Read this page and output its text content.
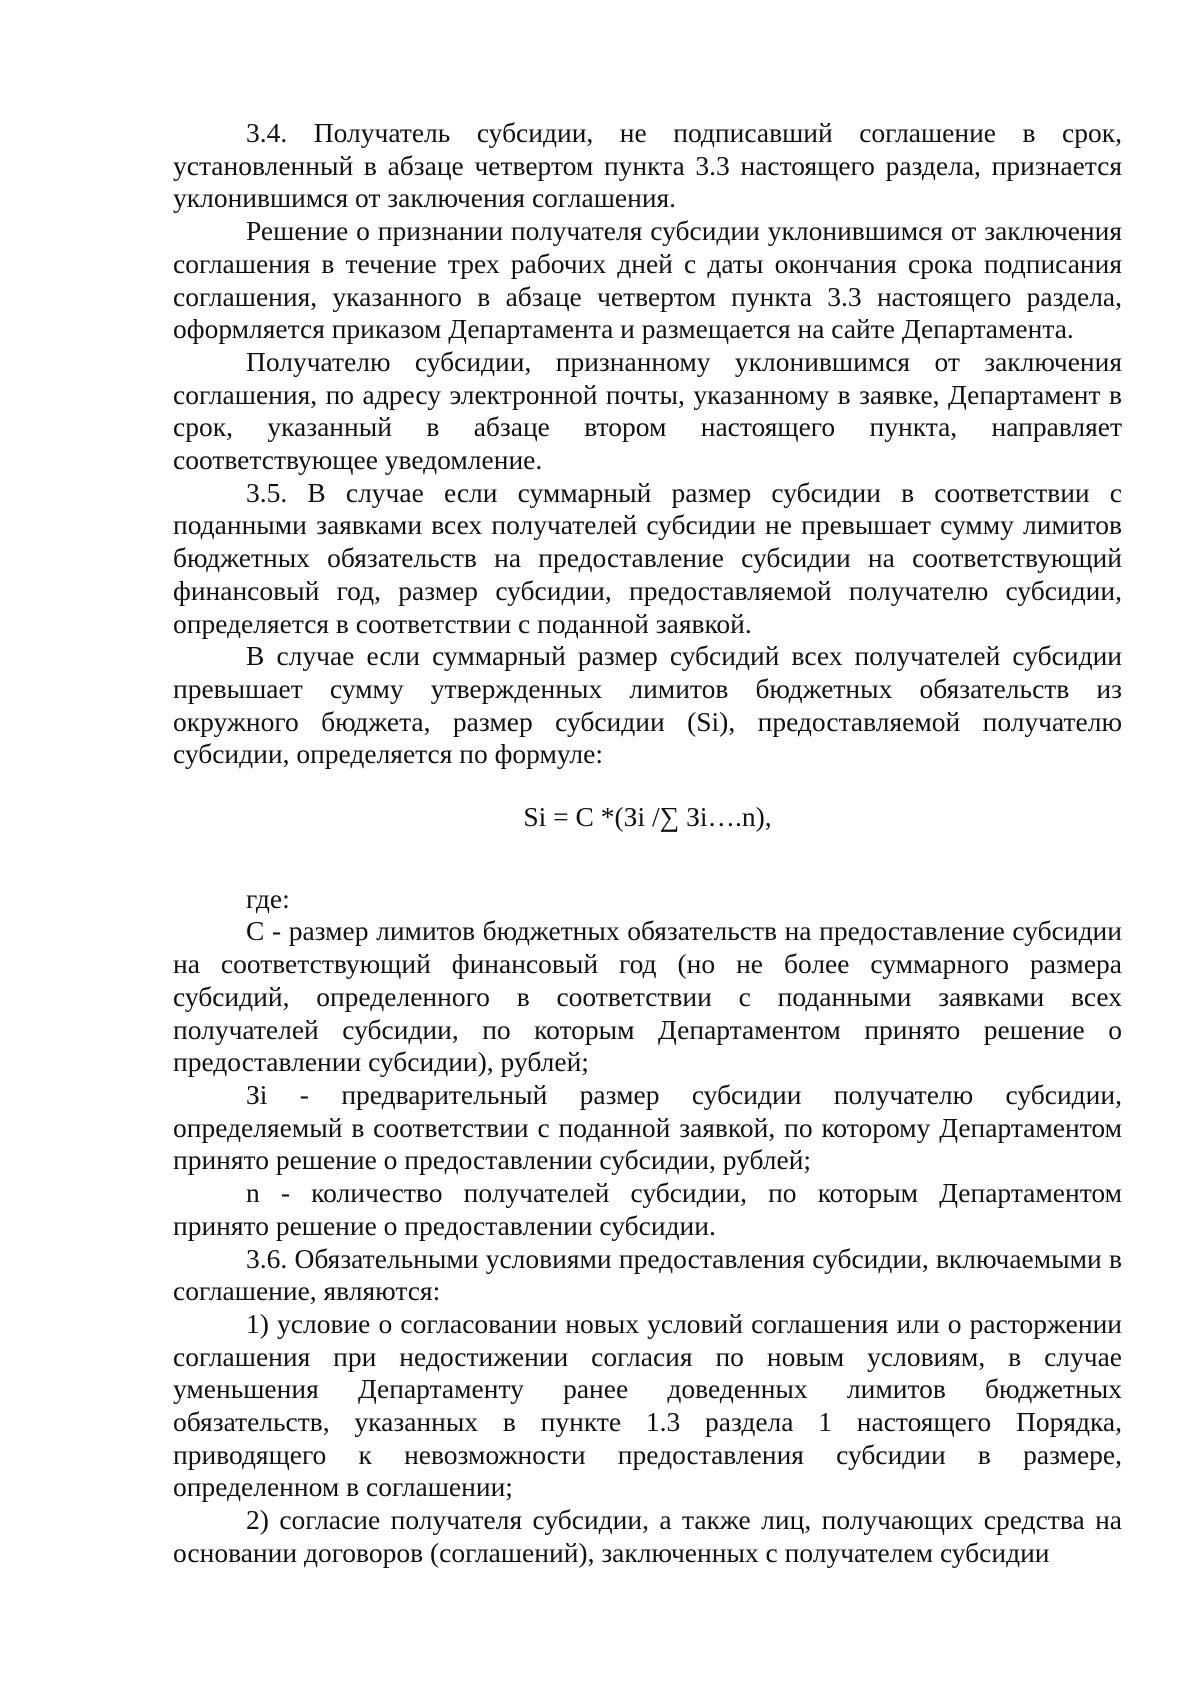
3.4. Получатель субсидии, не подписавший соглашение в срок, установленный в абзаце четвертом пункта 3.3 настоящего раздела, признается уклонившимся от заключения соглашения.

Решение о признании получателя субсидии уклонившимся от заключения соглашения в течение трех рабочих дней с даты окончания срока подписания соглашения, указанного в абзаце четвертом пункта 3.3 настоящего раздела, оформляется приказом Департамента и размещается на сайте Департамента.

Получателю субсидии, признанному уклонившимся от заключения соглашения, по адресу электронной почты, указанному в заявке, Департамент в срок, указанный в абзаце втором настоящего пункта, направляет соответствующее уведомление.

3.5. В случае если суммарный размер субсидии в соответствии с поданными заявками всех получателей субсидии не превышает сумму лимитов бюджетных обязательств на предоставление субсидии на соответствующий финансовый год, размер субсидии, предоставляемой получателю субсидии, определяется в соответствии с поданной заявкой.

В случае если суммарный размер субсидий всех получателей субсидии превышает сумму утвержденных лимитов бюджетных обязательств из окружного бюджета, размер субсидии (Si), предоставляемой получателю субсидии, определяется по формуле:

Si = C *(Зi /∑ Зi….n),

где:

C - размер лимитов бюджетных обязательств на предоставление субсидии на соответствующий финансовый год (но не более суммарного размера субсидий, определенного в соответствии с поданными заявками всех получателей субсидии, по которым Департаментом принято решение о предоставлении субсидии), рублей;

Зi - предварительный размер субсидии получателю субсидии, определяемый в соответствии с поданной заявкой, по которому Департаментом принято решение о предоставлении субсидии, рублей;

n - количество получателей субсидии, по которым Департаментом принято решение о предоставлении субсидии.

3.6. Обязательными условиями предоставления субсидии, включаемыми в соглашение, являются:

1) условие о согласовании новых условий соглашения или о расторжении соглашения при недостижении согласия по новым условиям, в случае уменьшения Департаменту ранее доведенных лимитов бюджетных обязательств, указанных в пункте 1.3 раздела 1 настоящего Порядка, приводящего к невозможности предоставления субсидии в размере, определенном в соглашении;

2) согласие получателя субсидии, а также лиц, получающих средства на основании договоров (соглашений), заключенных с получателем субсидии
